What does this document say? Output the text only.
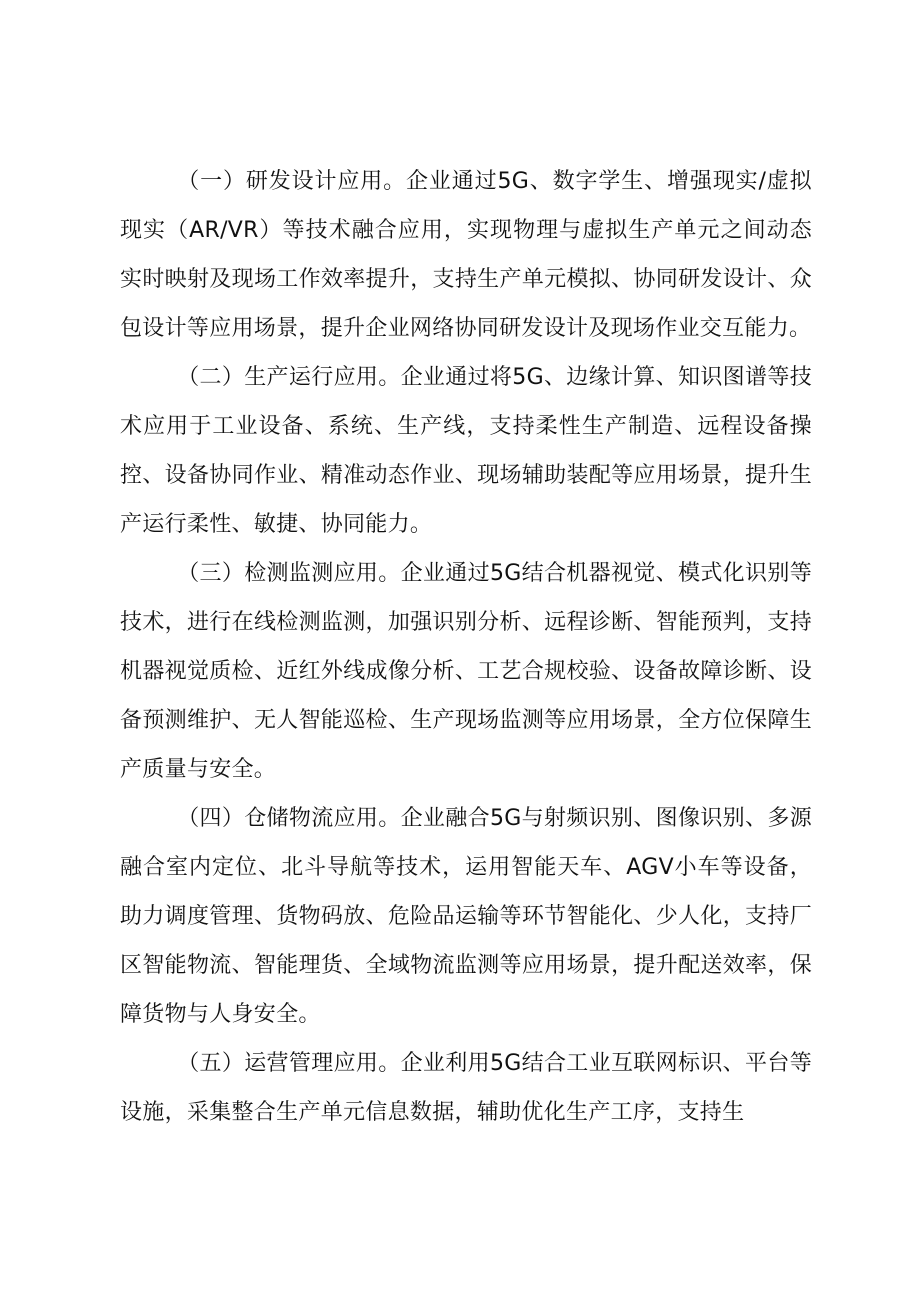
（一）研发设计应用。企业通过5G、数字学生、增强现实/虚拟现实（AR/VR）等技术融合应用，实现物理与虚拟生产单元之间动态实时映射及现场工作效率提升，支持生产单元模拟、协同研发设计、众包设计等应用场景，提升企业网络协同研发设计及现场作业交互能力。

（二）生产运行应用。企业通过将5G、边缘计算、知识图谱等技术应用于工业设备、系统、生产线，支持柔性生产制造、远程设备操控、设备协同作业、精准动态作业、现场辅助装配等应用场景，提升生产运行柔性、敏捷、协同能力。

（三）检测监测应用。企业通过5G结合机器视觉、模式化识别等技术，进行在线检测监测，加强识别分析、远程诊断、智能预判，支持机器视觉质检、近红外线成像分析、工艺合规校验、设备故障诊断、设备预测维护、无人智能巡检、生产现场监测等应用场景，全方位保障生产质量与安全。

（四）仓储物流应用。企业融合5G与射频识别、图像识别、多源融合室内定位、北斗导航等技术，运用智能天车、AGV小车等设备，助力调度管理、货物码放、危险品运输等环节智能化、少人化，支持厂区智能物流、智能理货、全域物流监测等应用场景，提升配送效率，保障货物与人身安全。

（五）运营管理应用。企业利用5G结合工业互联网标识、平台等设施，采集整合生产单元信息数据，辅助优化生产工序，支持生
